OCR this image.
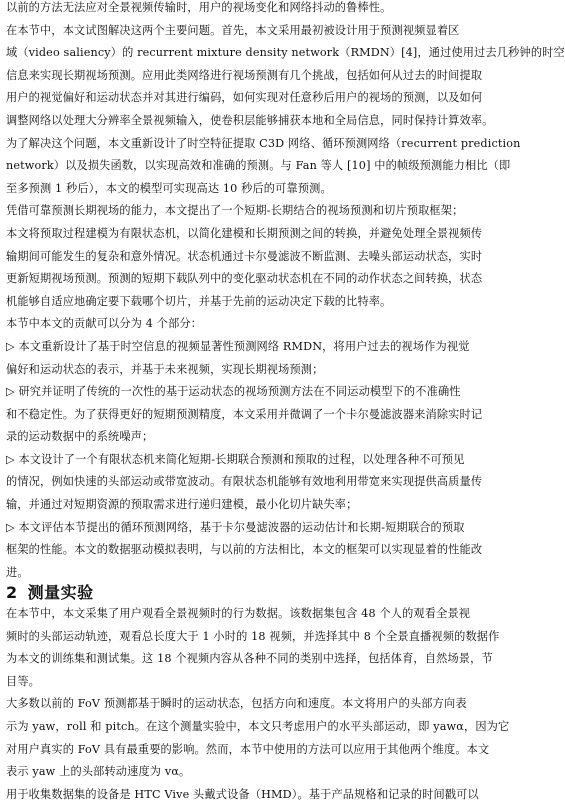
以前的方法无法应对全景视频传输时，用户的视场变化和网络抖动的鲁棒性。
在本节中，本文试图解决这两个主要问题。首先，本文采用最初被设计用于预测视频显着区
域（video saliency）的 recurrent mixture density network（RMDN）[4]，通过使用过去几秒钟的时空
信息来实现长期视场预测。应用此类网络进行视场预测有几个挑战，包括如何从过去的时间提取
用户的视觉偏好和运动状态并对其进行编码，如何实现对任意秒后用户的视场的预测，以及如何
调整网络以处理大分辨率全景视频输入，使卷积层能够捕获本地和全局信息，同时保持计算效率。
为了解决这个问题，本文重新设计了时空特征提取 C3D 网络、循环预测网络（recurrent prediction
network）以及损失函数，以实现高效和准确的预测。与 Fan 等人 [10] 中的帧级预测能力相比（即
至多预测 1 秒后），本文的模型可实现高达 10 秒后的可靠预测。
凭借可靠预测长期视场的能力，本文提出了一个短期-长期结合的视场预测和切片预取框架；
本文将预取过程建模为有限状态机，以简化建模和长期预测之间的转换，并避免处理全景视频传
输期间可能发生的复杂和意外情况。状态机通过卡尔曼滤波不断监测、去噪头部运动状态，实时
更新短期视场预测。预测的短期下载队列中的变化驱动状态机在不同的动作状态之间转换，状态
机能够自适应地确定要下载哪个切片，并基于先前的运动决定下载的比特率。
本节中本文的贡献可以分为 4 个部分：
▷ 本文重新设计了基于时空信息的视频显著性预测网络 RMDN，将用户过去的视场作为视觉
偏好和运动状态的表示，并基于未来视频，实现长期视场预测；
▷ 研究并证明了传统的一次性的基于运动状态的视场预测方法在不同运动模型下的不准确性
和不稳定性。为了获得更好的短期预测精度，本文采用并微调了一个卡尔曼滤波器来消除实时记
录的运动数据中的系统噪声；
▷ 本文设计了一个有限状态机来简化短期-长期联合预测和预取的过程，以处理各种不可预见
的情况，例如快速的头部运动或带宽波动。有限状态机能够有效地利用带宽来实现提供高质量传
输，并通过对短期资源的预取需求进行递归建模，最小化切片缺失率；
▷ 本文评估本节提出的循环预测网络，基于卡尔曼滤波器的运动估计和长期-短期联合的预取
框架的性能。本文的数据驱动模拟表明，与以前的方法相比，本文的框架可以实现显着的性能改
进。
2 测量实验
在本节中，本文采集了用户观看全景视频时的行为数据。该数据集包含 48 个人的观看全景视
频时的头部运动轨迹，观看总长度大于 1 小时的 18 视频，并选择其中 8 个全景直播视频的数据作
为本文的训练集和测试集。这 18 个视频内容从各种不同的类别中选择，包括体育，自然场景，节
目等。
大多数以前的 FoV 预测都基于瞬时的运动状态，包括方向和速度。本文将用户的头部方向表
示为 yaw，roll 和 pitch。在这个测量实验中，本文只考虑用户的水平头部运动，即 yawα，因为它
对用户真实的 FoV 具有最重要的影响。然而，本节中使用的方法可以应用于其他两个维度。本文
表示 yaw 上的头部转动速度为 vα。
用于收集数据集的设备是 HTC Vive 头戴式设备（HMD）。基于产品规格和记录的时间戳可以
